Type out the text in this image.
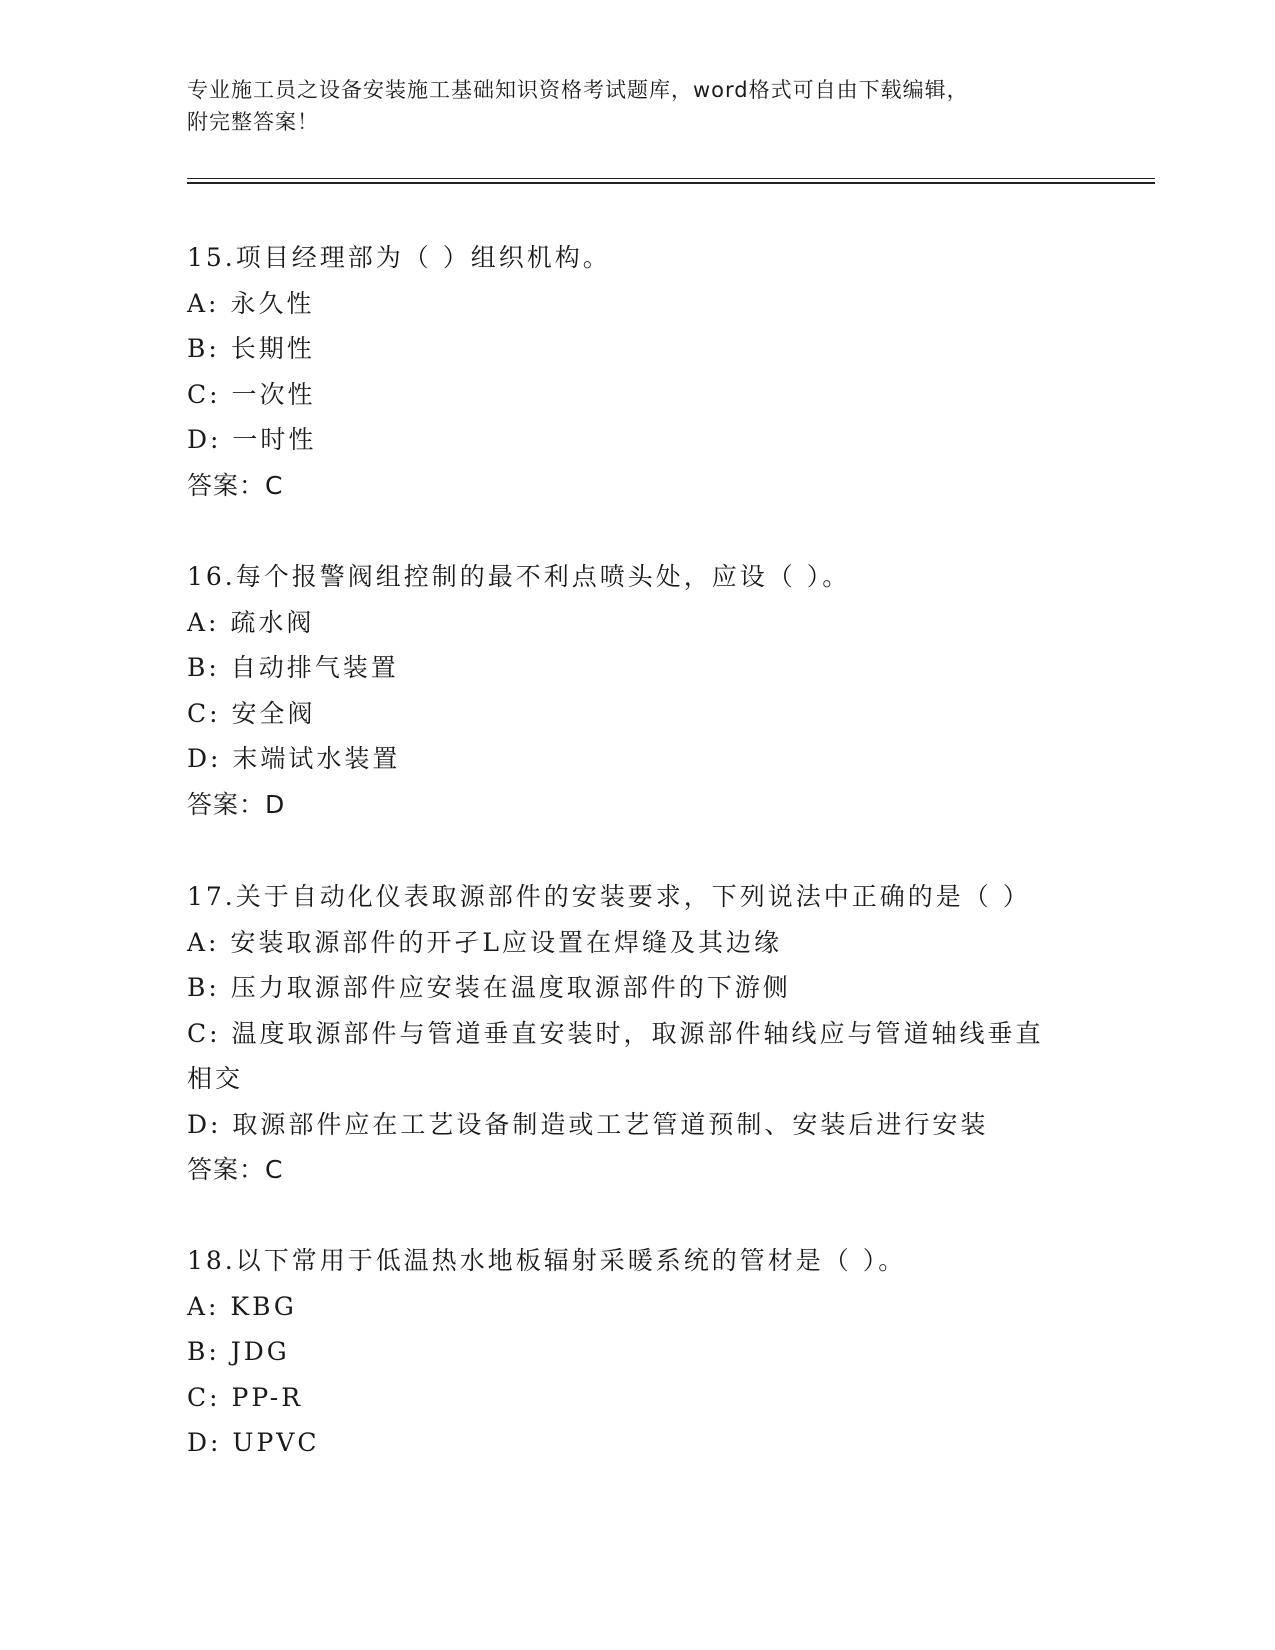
专业施工员之设备安装施工基础知识资格考试题库，word格式可自由下载编辑，
附完整答案！
15.项目经理部为（ ）组织机构。
A: 永久性
B: 长期性
C: 一次性
D: 一时性
答案：C
16.每个报警阀组控制的最不利点喷头处，应设（ ）。
A: 疏水阀
B: 自动排气装置
C: 安全阀
D: 末端试水装置
答案：D
17.关于自动化仪表取源部件的安装要求，下列说法中正确的是（ ）
A: 安装取源部件的开孑L应设置在焊缝及其边缘
B: 压力取源部件应安装在温度取源部件的下游侧
C: 温度取源部件与管道垂直安装时，取源部件轴线应与管道轴线垂直
相交
D: 取源部件应在工艺设备制造或工艺管道预制、安装后进行安装
答案：C
18.以下常用于低温热水地板辐射采暖系统的管材是（ ）。
A: KBG
B: JDG
C: PP-R
D: UPVC
